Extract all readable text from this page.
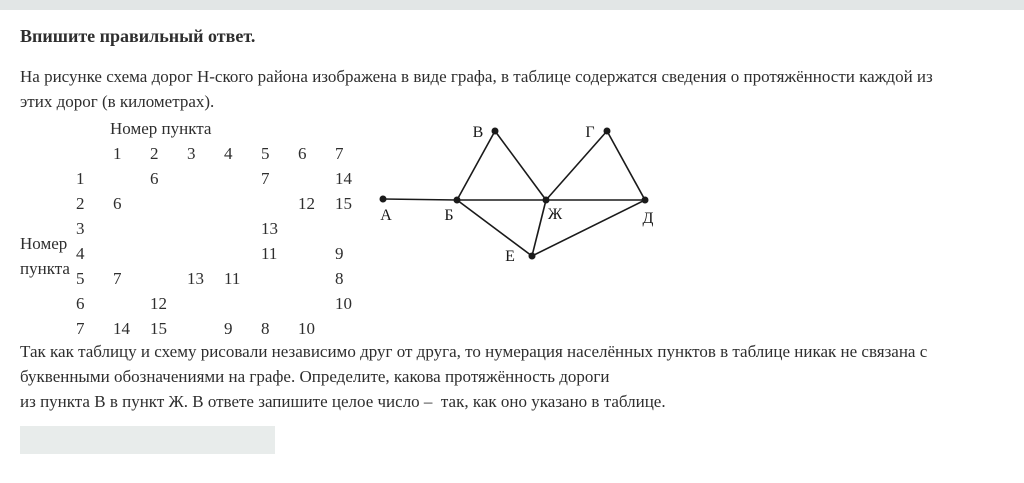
Впишите правильный ответ.
На рисунке схема дорог Н-ского района изображена в виде графа, в таблице содержатся сведения о протяжённости каждой из
этих дорог (в километрах).
Номер пункта
Номер
пункта
	1	2	3	4	5	6	7
1		6			7		14
2	6					12	15
3					13		
4					11		9
5	7		13	11			8
6		12					10
7	14	15		9	8	10	
А	Б
В	Г
Д
Е
Ж
Так как таблицу и схему рисовали независимо друг от друга, то нумерация населённых пунктов в таблице никак не связана с
буквенными обозначениями на графе. Определите, какова протяжённость дороги
из пункта В в пункт Ж. В ответе запишите целое число –  так, как оно указано в таблице.
